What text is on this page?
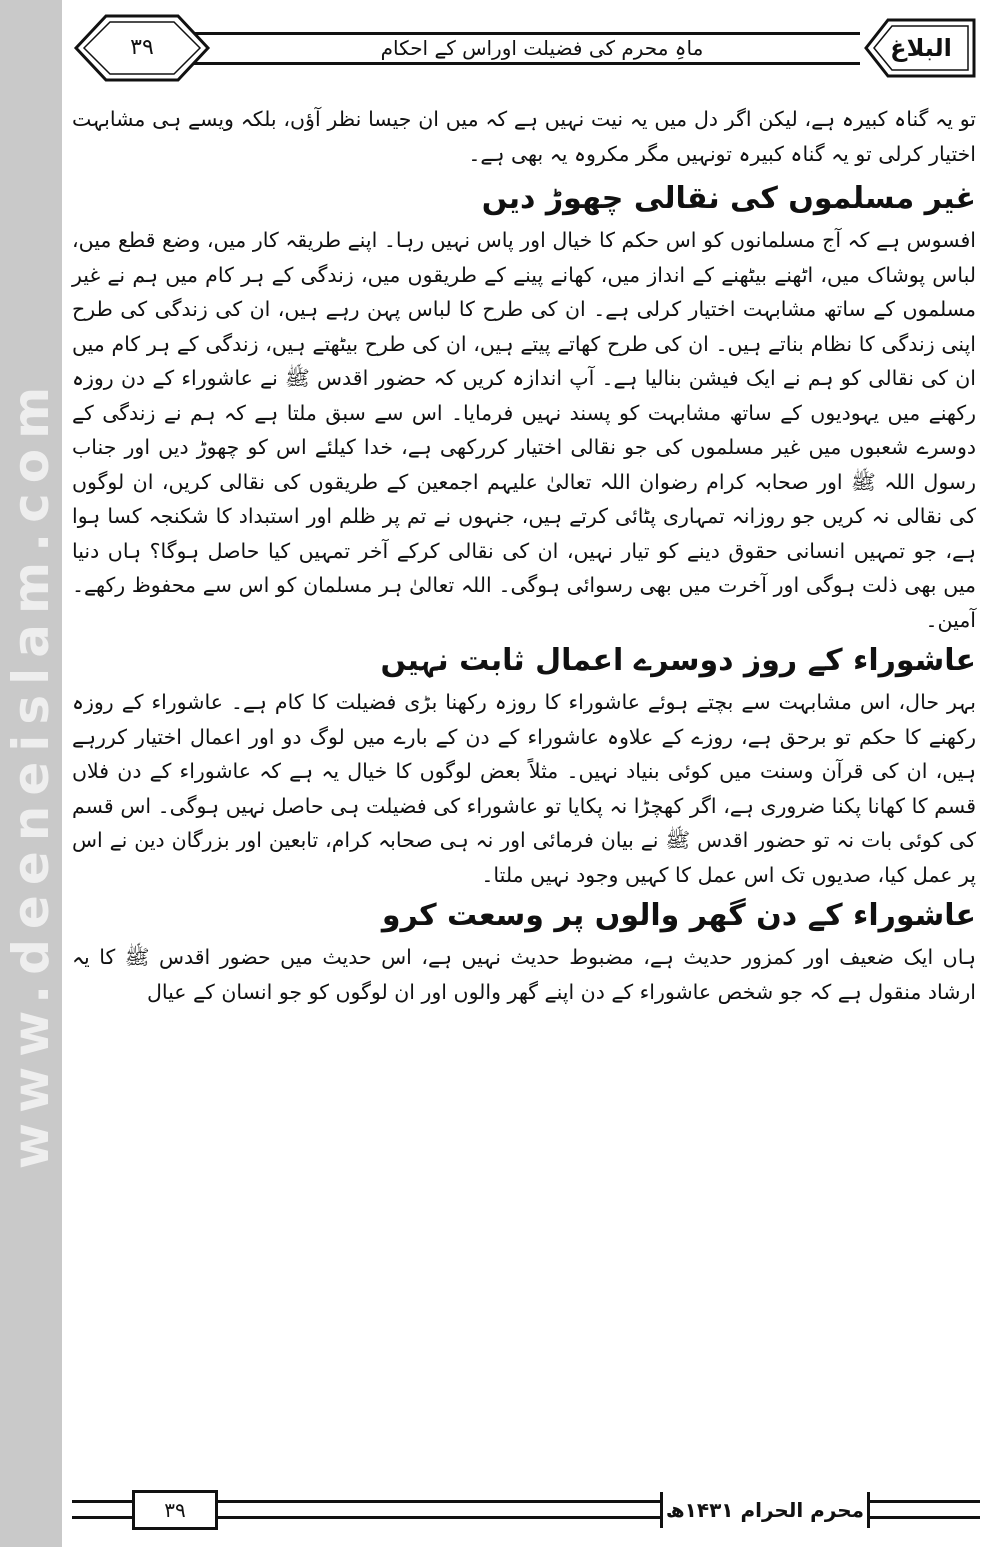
www.deeneislam.com
۳۹	ماہِ محرم کی فضیلت اوراس کے احکام	البلاغ

تو یہ گناہ کبیرہ ہے، لیکن اگر دل میں یہ نیت نہیں ہے کہ میں ان جیسا نظر آؤں، بلکہ ویسے ہی مشابہت اختیار کرلی تو یہ گناہ کبیرہ تونہیں مگر مکروہ یہ بھی ہے۔

غیر مسلموں کی نقالی چھوڑ دیں

افسوس ہے کہ آج مسلمانوں کو اس حکم کا خیال اور پاس نہیں رہا۔ اپنے طریقہ کار میں، وضع قطع میں، لباس پوشاک میں، اٹھنے بیٹھنے کے انداز میں، کھانے پینے کے طریقوں میں، زندگی کے ہر کام میں ہم نے غیر مسلموں کے ساتھ مشابہت اختیار کرلی ہے۔ ان کی طرح کا لباس پہن رہے ہیں، ان کی زندگی کی طرح اپنی زندگی کا نظام بناتے ہیں۔ ان کی طرح کھاتے پیتے ہیں، ان کی طرح بیٹھتے ہیں، زندگی کے ہر کام میں ان کی نقالی کو ہم نے ایک فیشن بنالیا ہے۔ آپ اندازہ کریں کہ حضور اقدس ﷺ نے عاشوراء کے دن روزہ رکھنے میں یہودیوں کے ساتھ مشابہت کو پسند نہیں فرمایا۔ اس سے سبق ملتا ہے کہ ہم نے زندگی کے دوسرے شعبوں میں غیر مسلموں کی جو نقالی اختیار کررکھی ہے، خدا کیلئے اس کو چھوڑ دیں اور جناب رسول اللہ ﷺ اور صحابہ کرام رضوان اللہ تعالیٰ علیہم اجمعین کے طریقوں کی نقالی کریں، ان لوگوں کی نقالی نہ کریں جو روزانہ تمہاری پٹائی کرتے ہیں، جنہوں نے تم پر ظلم اور استبداد کا شکنجہ کسا ہوا ہے، جو تمہیں انسانی حقوق دینے کو تیار نہیں، ان کی نقالی کرکے آخر تمہیں کیا حاصل ہوگا؟ ہاں دنیا میں بھی ذلت ہوگی اور آخرت میں بھی رسوائی ہوگی۔ اللہ تعالیٰ ہر مسلمان کو اس سے محفوظ رکھے۔ آمین۔

عاشوراء کے روز دوسرے اعمال ثابت نہیں

بہر حال، اس مشابہت سے بچتے ہوئے عاشوراء کا روزہ رکھنا بڑی فضیلت کا کام ہے۔ عاشوراء کے روزہ رکھنے کا حکم تو برحق ہے، روزے کے علاوہ عاشوراء کے دن کے بارے میں لوگ دو اور اعمال اختیار کررہے ہیں، ان کی قرآن وسنت میں کوئی بنیاد نہیں۔ مثلاً بعض لوگوں کا خیال یہ ہے کہ عاشوراء کے دن فلاں قسم کا کھانا پکنا ضروری ہے، اگر کھچڑا نہ پکایا تو عاشوراء کی فضیلت ہی حاصل نہیں ہوگی۔ اس قسم کی کوئی بات نہ تو حضور اقدس ﷺ نے بیان فرمائی اور نہ ہی صحابہ کرام، تابعین اور بزرگان دین نے اس پر عمل کیا، صدیوں تک اس عمل کا کہیں وجود نہیں ملتا۔

عاشوراء کے دن گھر والوں پر وسعت کرو

ہاں ایک ضعیف اور کمزور حدیث ہے، مضبوط حدیث نہیں ہے، اس حدیث میں حضور اقدس ﷺ کا یہ ارشاد منقول ہے کہ جو شخص عاشوراء کے دن اپنے گھر والوں اور ان لوگوں کو جو انسان کے عیال

۳۹	محرم الحرام ۱۴۳۱ھ
